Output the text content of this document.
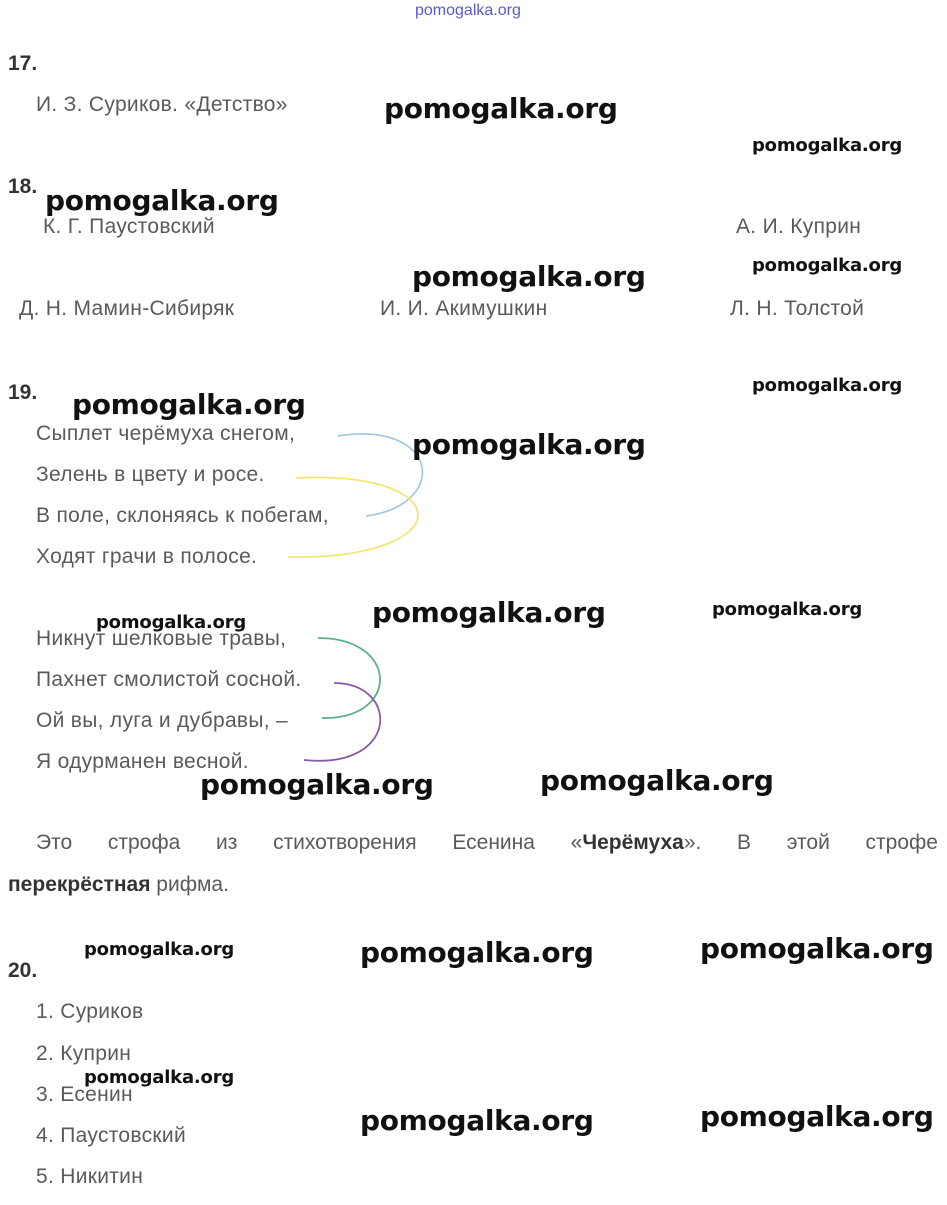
pomogalka.org
17.
И. З. Суриков. «Детство»
18.
К. Г. Паустовский	А. И. Куприн
Д. Н. Мамин-Сибиряк	И. И. Акимушкин	Л. Н. Толстой
19.
Сыплет черёмуха снегом,
Зелень в цвету и росе.
В поле, склоняясь к побегам,
Ходят грачи в полосе.
Никнут шелковые травы,
Пахнет смолистой сосной.
Ой вы, луга и дубравы, –
Я одурманен весной.
Это строфа из стихотворения Есенина «Черёмуха». В этой строфе
перекрёстная рифма.
20.
1. Суриков
2. Куприн
3. Есенин
4. Паустовский
5. Никитин
pomogalka.org
pomogalka.org
pomogalka.org
pomogalka.org	pomogalka.org
pomogalka.org
pomogalka.org
pomogalka.org
pomogalka.org	pomogalka.org	pomogalka.org
pomogalka.org	pomogalka.org
pomogalka.org	pomogalka.org	pomogalka.org
pomogalka.org
pomogalka.org	pomogalka.org
